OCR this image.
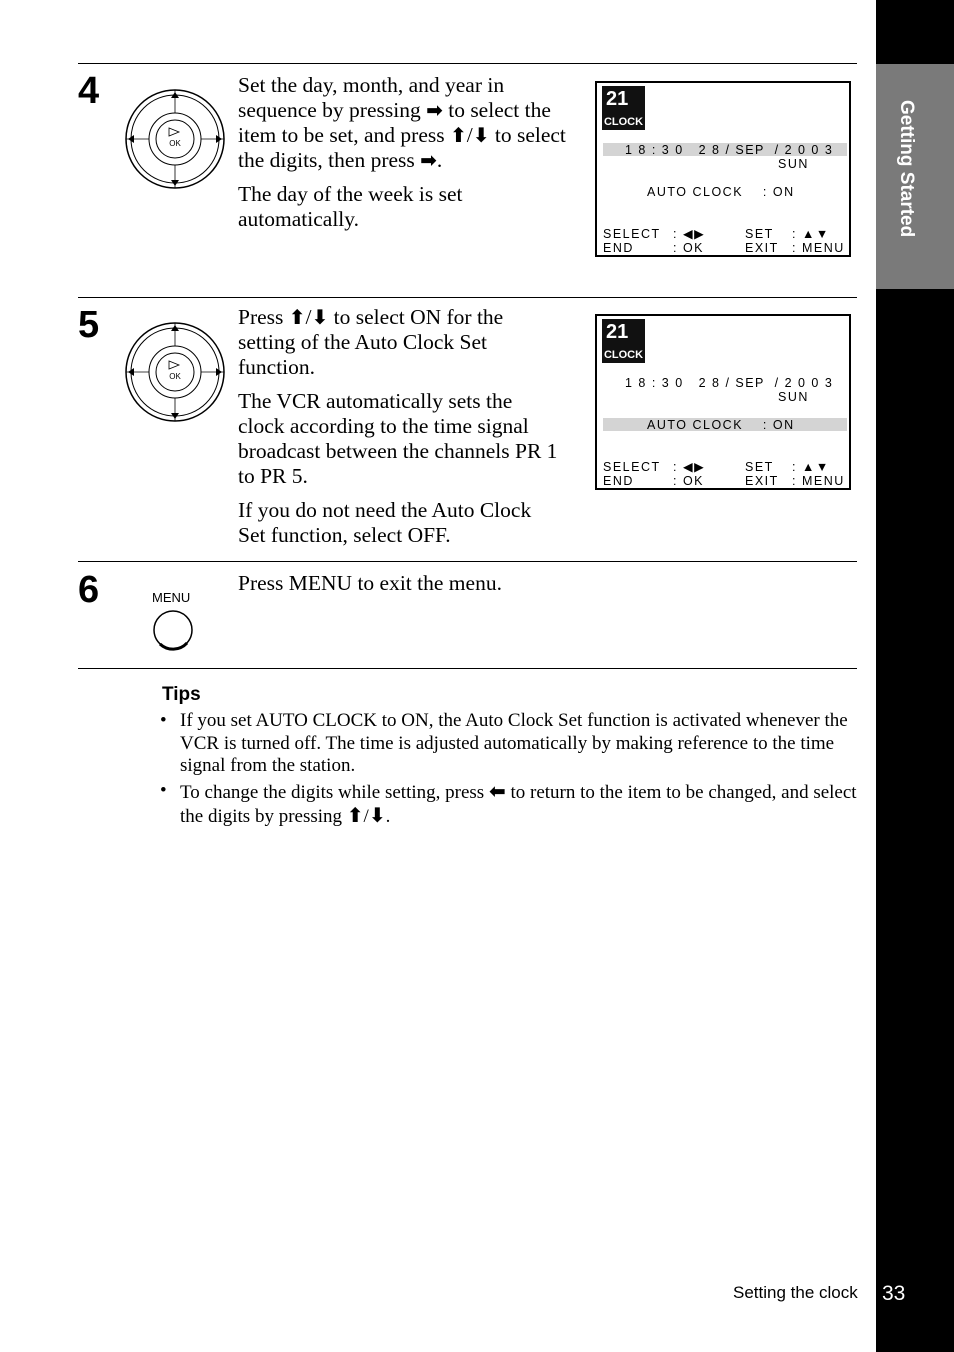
Getting Started
4
OK

Set the day, month, and year in sequence by pressing ➡ to select the item to be set, and press ⬆/⬇ to select the digits, then press ➡.

The day of the week is set automatically.

21
CLOCK
1 8 : 3 0   2 8 / SEP  / 2 0 0 3
SUN
AUTO CLOCK    : ON
SELECT : ◀▶	SET : ▲▼
END	: OK	EXIT : MENU
5
OK

Press ⬆/⬇ to select ON for the setting of the Auto Clock Set function.

The VCR automatically sets the clock according to the time signal broadcast between the channels PR 1 to PR 5.

If you do not need the Auto Clock Set function, select OFF.

21
CLOCK
1 8 : 3 0   2 8 / SEP  / 2 0 0 3
SUN
AUTO CLOCK    : ON
SELECT : ◀▶	SET : ▲▼
END	: OK	EXIT : MENU
6	MENU
Press MENU to exit the menu.
Tips
• If you set AUTO CLOCK to ON, the Auto Clock Set function is activated whenever the VCR is turned off. The time is adjusted automatically by making reference to the time signal from the station.
• To change the digits while setting, press ⬅ to return to the item to be changed, and select the digits by pressing ⬆/⬇.
Setting the clock 33
